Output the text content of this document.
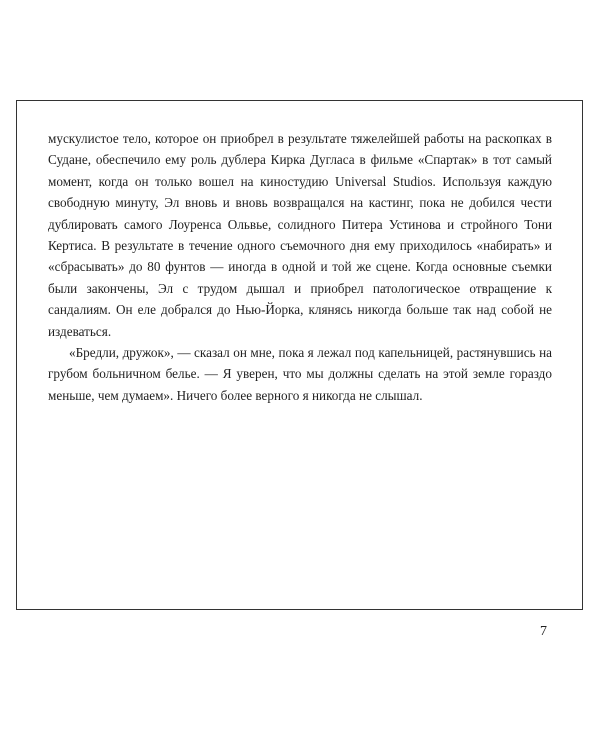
мускулистое тело, которое он приобрел в результате тяжелейшей работы на раскопках в Судане, обеспечило ему роль дублера Кирка Дугласа в фильме «Спартак» в тот самый момент, когда он только вошел на киностудию Universal Studios. Используя каждую свободную минуту, Эл вновь и вновь возвращался на кастинг, пока не добился чести дублировать самого Лоуренса Ольвье, солидного Питера Устинова и стройного Тони Кертиса. В результате в течение одного съемочного дня ему приходилось «набирать» и «сбрасывать» до 80 фунтов — иногда в одной и той же сцене. Когда основные съемки были закончены, Эл с трудом дышал и приобрел патологическое отвращение к сандалиям. Он еле добрался до Нью-Йорка, клянясь никогда больше так над собой не издеваться.

«Бредли, дружок», — сказал он мне, пока я лежал под капельницей, растянувшись на грубом больничном белье. — Я уверен, что мы должны сделать на этой земле гораздо меньше, чем думаем». Ничего более верного я никогда не слышал.

7
